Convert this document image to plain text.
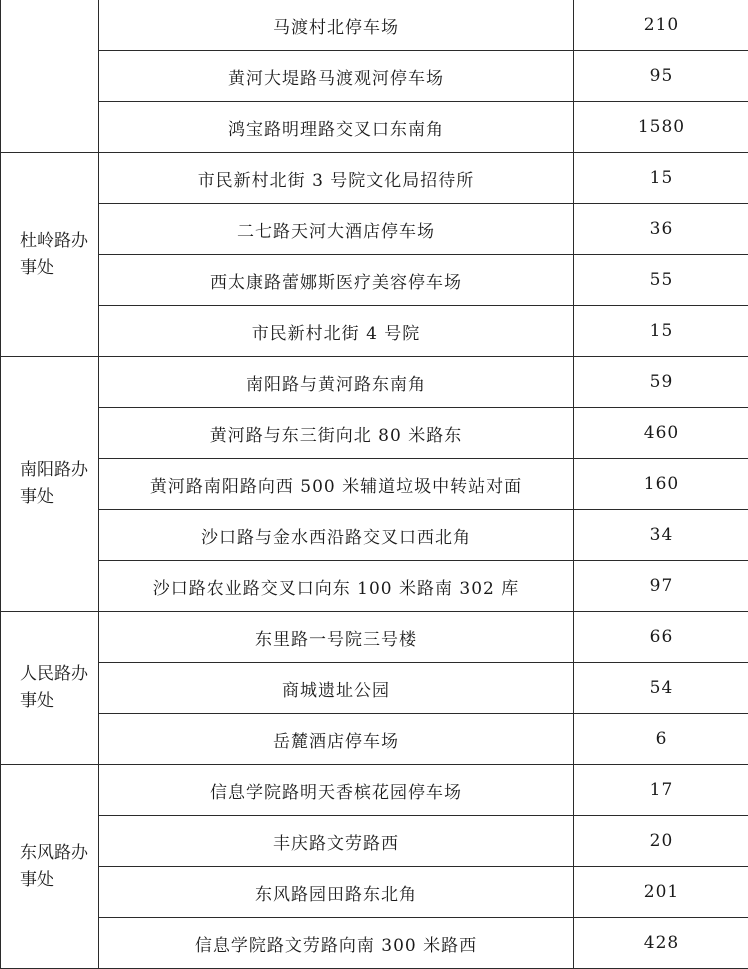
	马渡村北停车场	210
	黄河大堤路马渡观河停车场	95
	鸿宝路明理路交叉口东南角	1580
杜岭路办事处	市民新村北街 3 号院文化局招待所	15
	二七路天河大酒店停车场	36
	西太康路蕾娜斯医疗美容停车场	55
	市民新村北街 4 号院	15
南阳路办事处	南阳路与黄河路东南角	59
	黄河路与东三街向北 80 米路东	460
	黄河路南阳路向西 500 米辅道垃圾中转站对面	160
	沙口路与金水西沿路交叉口西北角	34
	沙口路农业路交叉口向东 100 米路南 302 库	97
人民路办事处	东里路一号院三号楼	66
	商城遗址公园	54
	岳麓酒店停车场	6
东风路办事处	信息学院路明天香槟花园停车场	17
	丰庆路文劳路西	20
	东风路园田路东北角	201
	信息学院路文劳路向南 300 米路西	428
